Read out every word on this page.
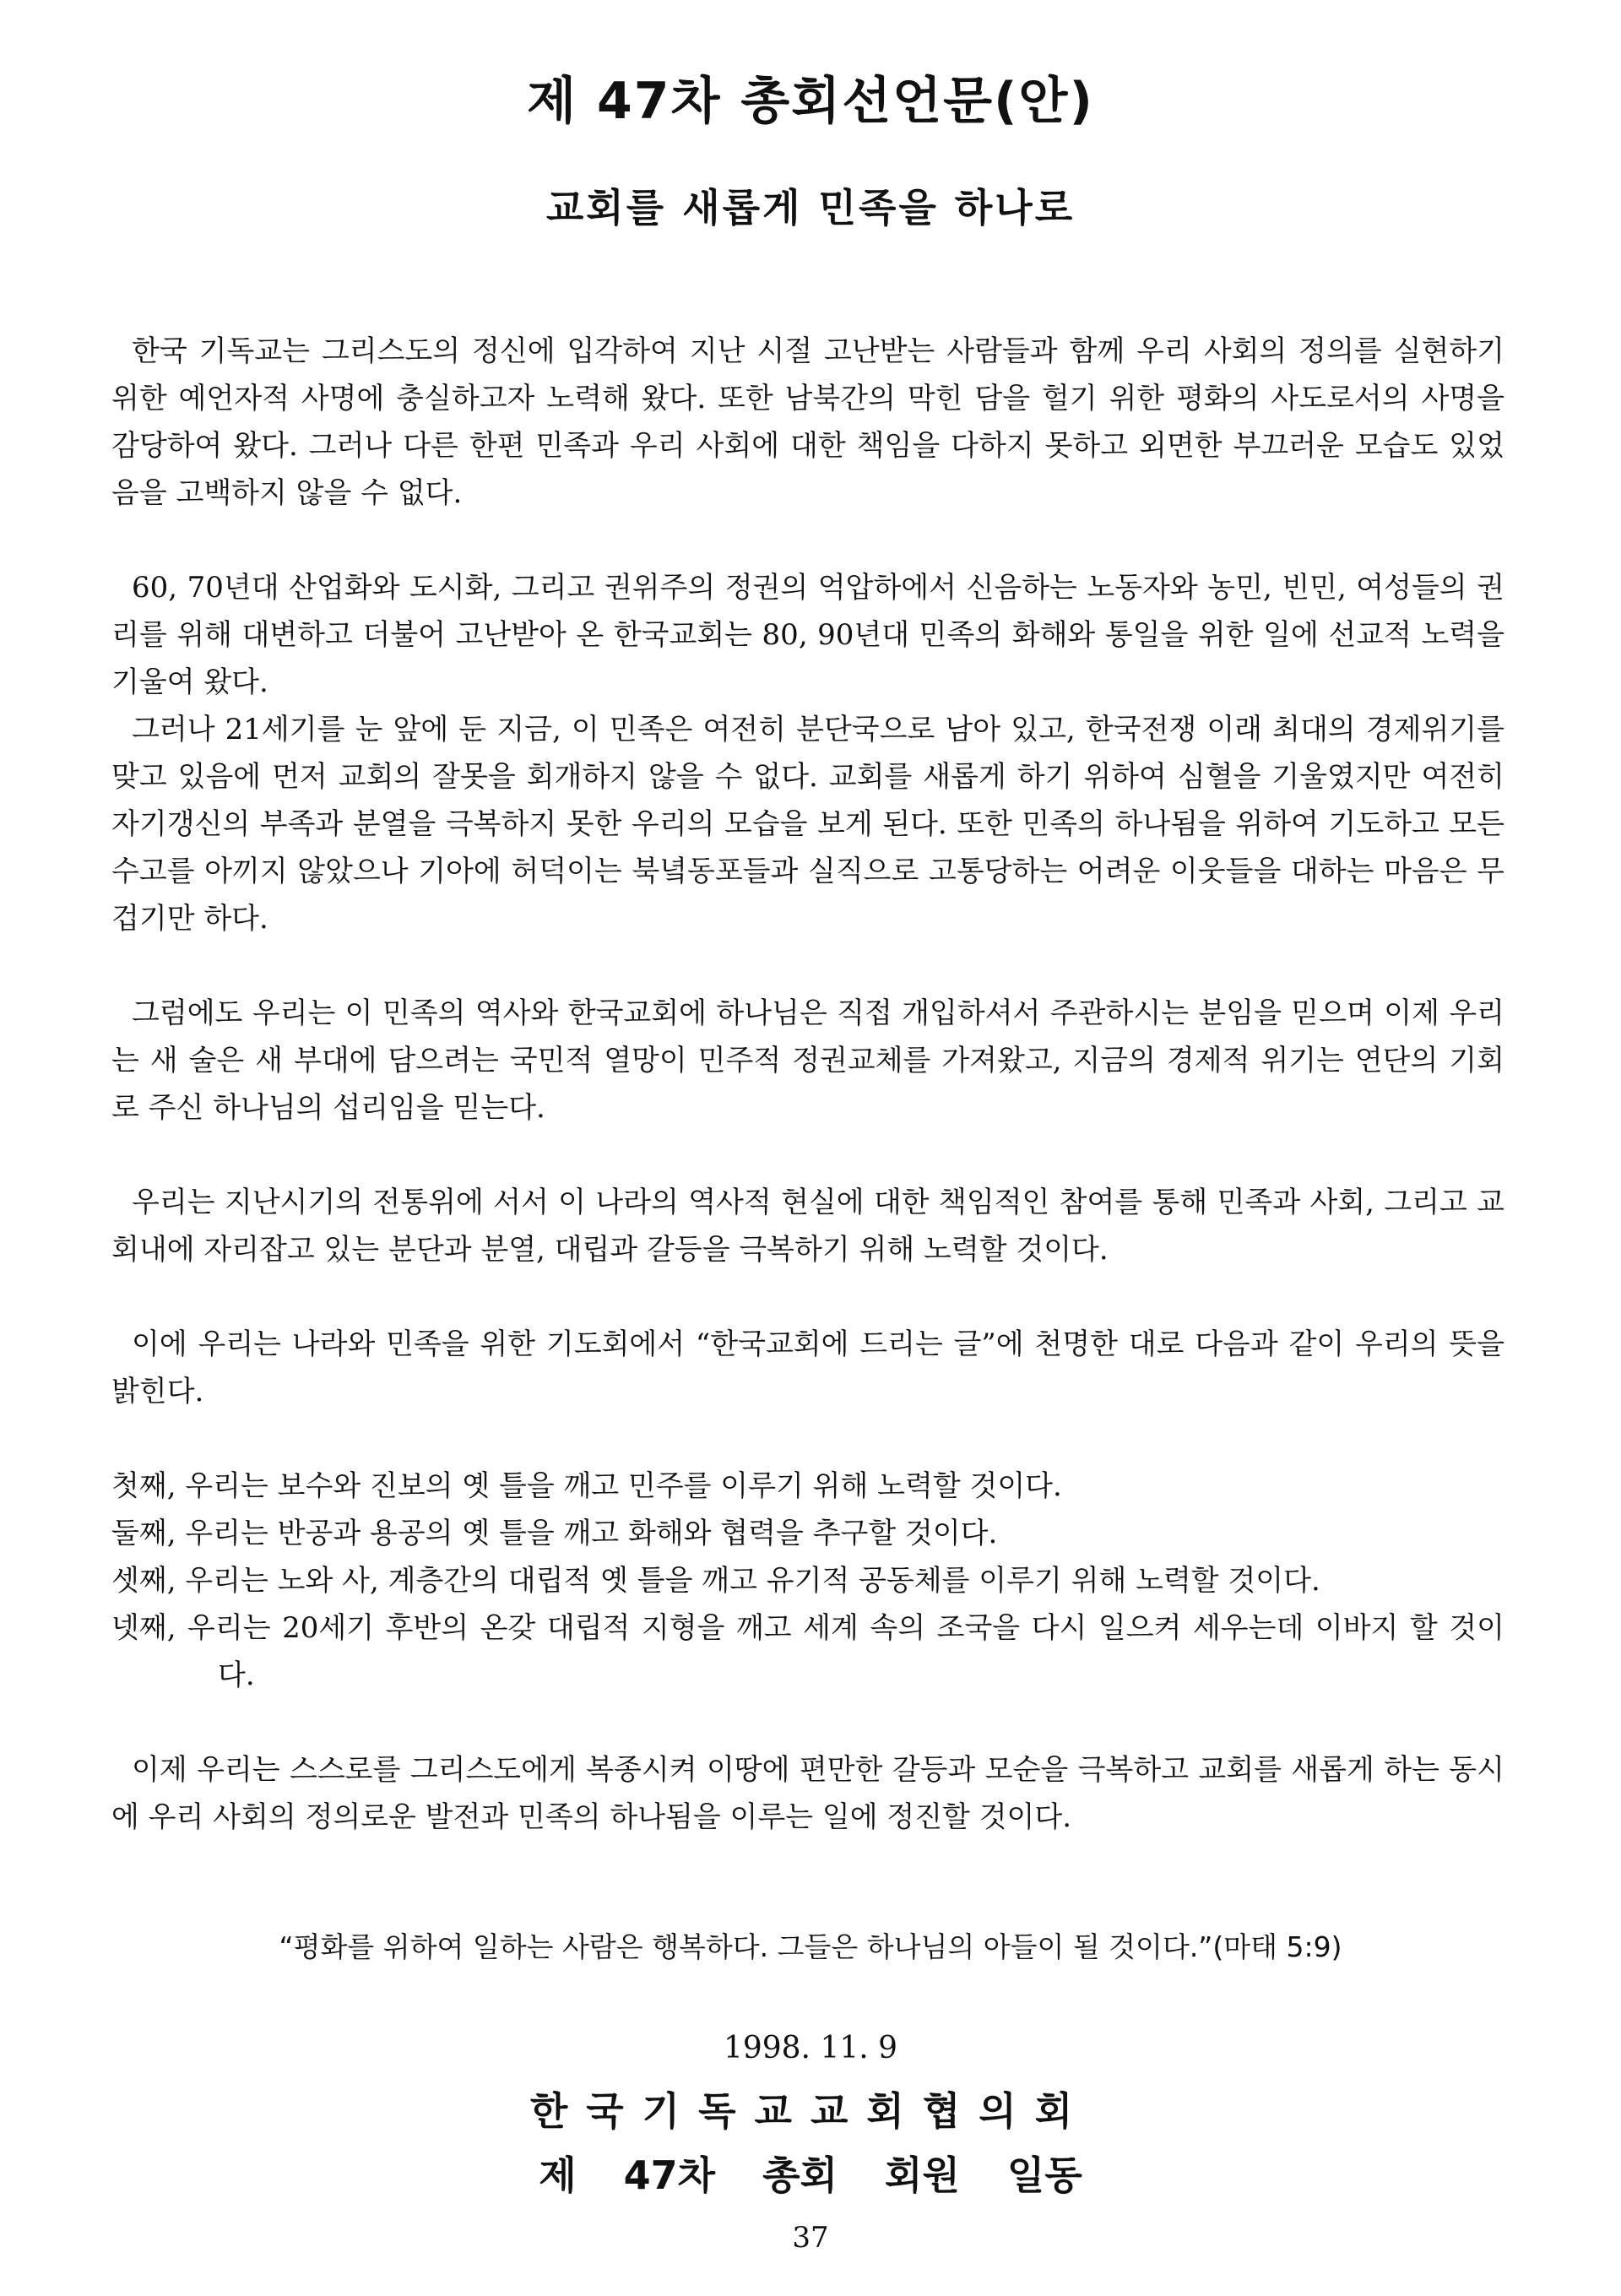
제 47차 총회선언문(안)
교회를 새롭게 민족을 하나로

한국 기독교는 그리스도의 정신에 입각하여 지난 시절 고난받는 사람들과 함께 우리 사회의 정의를 실현하기 위한 예언자적 사명에 충실하고자 노력해 왔다. 또한 남북간의 막힌 담을 헐기 위한 평화의 사도로서의 사명을 감당하여 왔다. 그러나 다른 한편 민족과 우리 사회에 대한 책임을 다하지 못하고 외면한 부끄러운 모습도 있었음을 고백하지 않을 수 없다.

60, 70년대 산업화와 도시화, 그리고 권위주의 정권의 억압하에서 신음하는 노동자와 농민, 빈민, 여성들의 권리를 위해 대변하고 더불어 고난받아 온 한국교회는 80, 90년대 민족의 화해와 통일을 위한 일에 선교적 노력을 기울여 왔다.

그러나 21세기를 눈 앞에 둔 지금, 이 민족은 여전히 분단국으로 남아 있고, 한국전쟁 이래 최대의 경제위기를 맞고 있음에 먼저 교회의 잘못을 회개하지 않을 수 없다. 교회를 새롭게 하기 위하여 심혈을 기울였지만 여전히 자기갱신의 부족과 분열을 극복하지 못한 우리의 모습을 보게 된다. 또한 민족의 하나됨을 위하여 기도하고 모든 수고를 아끼지 않았으나 기아에 허덕이는 북녘동포들과 실직으로 고통당하는 어려운 이웃들을 대하는 마음은 무겁기만 하다.

그럼에도 우리는 이 민족의 역사와 한국교회에 하나님은 직접 개입하셔서 주관하시는 분임을 믿으며 이제 우리는 새 술은 새 부대에 담으려는 국민적 열망이 민주적 정권교체를 가져왔고, 지금의 경제적 위기는 연단의 기회로 주신 하나님의 섭리임을 믿는다.

우리는 지난시기의 전통위에 서서 이 나라의 역사적 현실에 대한 책임적인 참여를 통해 민족과 사회, 그리고 교회내에 자리잡고 있는 분단과 분열, 대립과 갈등을 극복하기 위해 노력할 것이다.

이에 우리는 나라와 민족을 위한 기도회에서 “한국교회에 드리는 글”에 천명한 대로 다음과 같이 우리의 뜻을 밝힌다.

첫째, 우리는 보수와 진보의 옛 틀을 깨고 민주를 이루기 위해 노력할 것이다.
둘째, 우리는 반공과 용공의 옛 틀을 깨고 화해와 협력을 추구할 것이다.
셋째, 우리는 노와 사, 계층간의 대립적 옛 틀을 깨고 유기적 공동체를 이루기 위해 노력할 것이다.
넷째, 우리는 20세기 후반의 온갖 대립적 지형을 깨고 세계 속의 조국을 다시 일으켜 세우는데 이바지 할 것이다.

이제 우리는 스스로를 그리스도에게 복종시켜 이땅에 편만한 갈등과 모순을 극복하고 교회를 새롭게 하는 동시에 우리 사회의 정의로운 발전과 민족의 하나됨을 이루는 일에 정진할 것이다.

“평화를 위하여 일하는 사람은 행복하다. 그들은 하나님의 아들이 될 것이다.”(마태 5:9)

1998. 11. 9

한국기독교교회협의회

제 47차 총회 회원 일동

37
